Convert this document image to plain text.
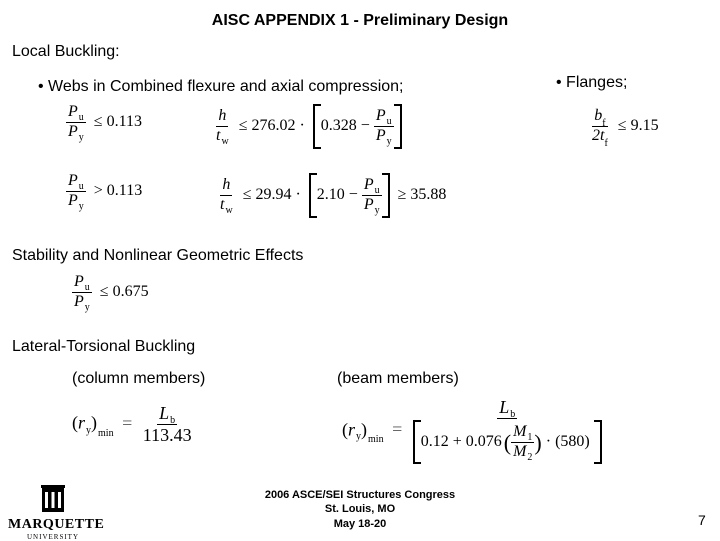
AISC APPENDIX 1 - Preliminary Design
Local Buckling:
• Webs in Combined flexure and axial compression;	• Flanges;
$\frac{P_u}{P_y} \le 0.113$	$\frac{h}{t_w} \le 276.02 \cdot 0.328 - \frac{P_u}{P_y}$
$\frac{P_u}{P_y} > 0.113$	$\frac{h}{t_w} \le 29.94 \cdot 2.10 - \frac{P_u}{P_y} \ge 35.88$
$\frac{b_f}{2t_f} \le 9.15$
Stability and Nonlinear Geometric Effects
$\frac{P_u}{P_y} \le 0.675$
Lateral-Torsional Buckling
(column members)	(beam members)
$(r_y)_{min} = \frac{L_b}{113.43}$	$(r_y)_{min}$ =
$L_b$
0.12 + 0.076 ( $\frac{M_1}{M_2}$ ) · (580)
MARQUETTE
UNIVERSITY
2006 ASCE/SEI Structures Congress
St. Louis, MO
May 18-20	7
